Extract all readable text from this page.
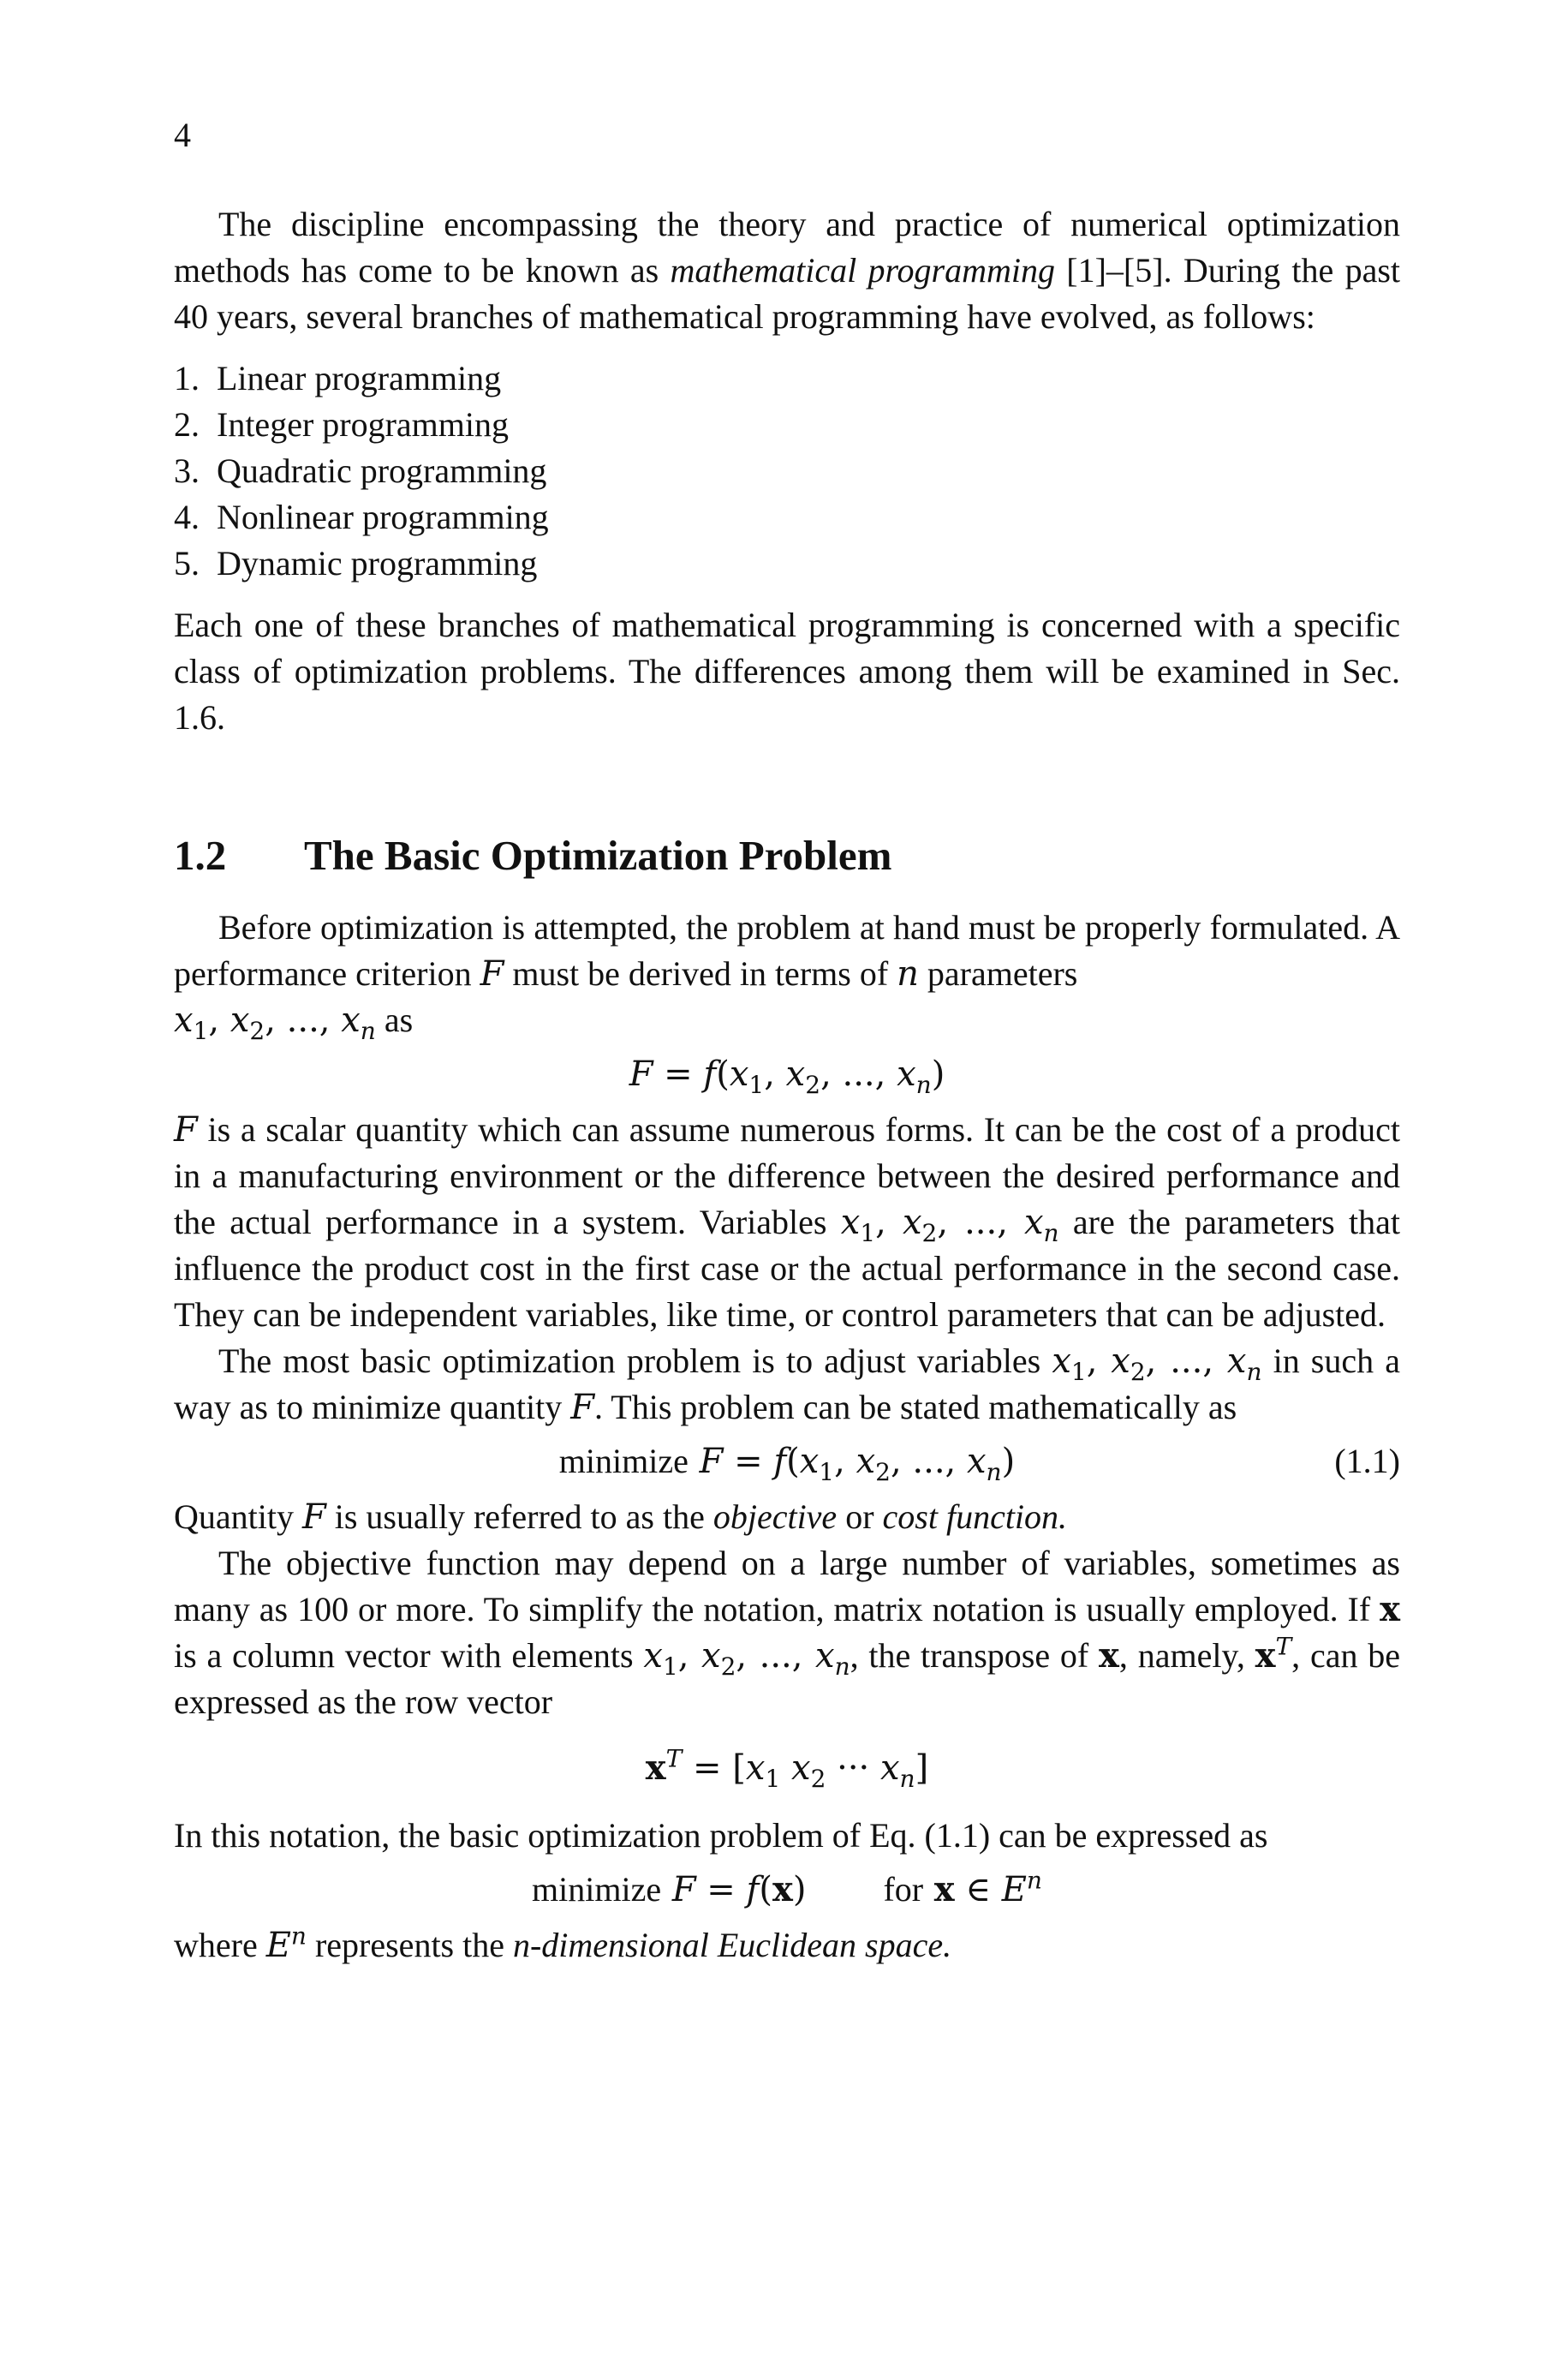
4

The discipline encompassing the theory and practice of numerical optimization methods has come to be known as mathematical programming [1]–[5]. During the past 40 years, several branches of mathematical programming have evolved, as follows:

1. Linear programming
2. Integer programming
3. Quadratic programming
4. Nonlinear programming
5. Dynamic programming

Each one of these branches of mathematical programming is concerned with a specific class of optimization problems. The differences among them will be examined in Sec. 1.6.

1.2 The Basic Optimization Problem

Before optimization is attempted, the problem at hand must be properly formulated. A performance criterion F must be derived in terms of n parameters
$x_1$, $x_2$, ..., $x_n$ as

$F = f(x_1$, $x_2$, ..., $x_n$)

F is a scalar quantity which can assume numerous forms. It can be the cost of a product in a manufacturing environment or the difference between the desired performance and the actual performance in a system. Variables $x_1$, $x_2$, ..., $x_n$ are the parameters that influence the product cost in the first case or the actual performance in the second case. They can be independent variables, like time, or control parameters that can be adjusted.

The most basic optimization problem is to adjust variables $x_1$, $x_2$, ..., $x_n$ in such a way as to minimize quantity F. This problem can be stated mathematically as

minimize $F = f(x_1$, $x_2$, ..., $x_n$)	(1.1)

Quantity F is usually referred to as the objective or cost function.

The objective function may depend on a large number of variables, sometimes as many as 100 or more. To simplify the notation, matrix notation is usually employed. If x is a column vector with elements $x_1$, $x_2$, ..., $x_n$, the transpose of x, namely, $x^T$, can be expressed as the row vector

$x^T = [x_1$ $x_2$ ··· $x_n$]

In this notation, the basic optimization problem of Eq. (1.1) can be expressed as

minimize F = f(x) for x ∈ $E^n$

where $E^n$ represents the n-dimensional Euclidean space.
